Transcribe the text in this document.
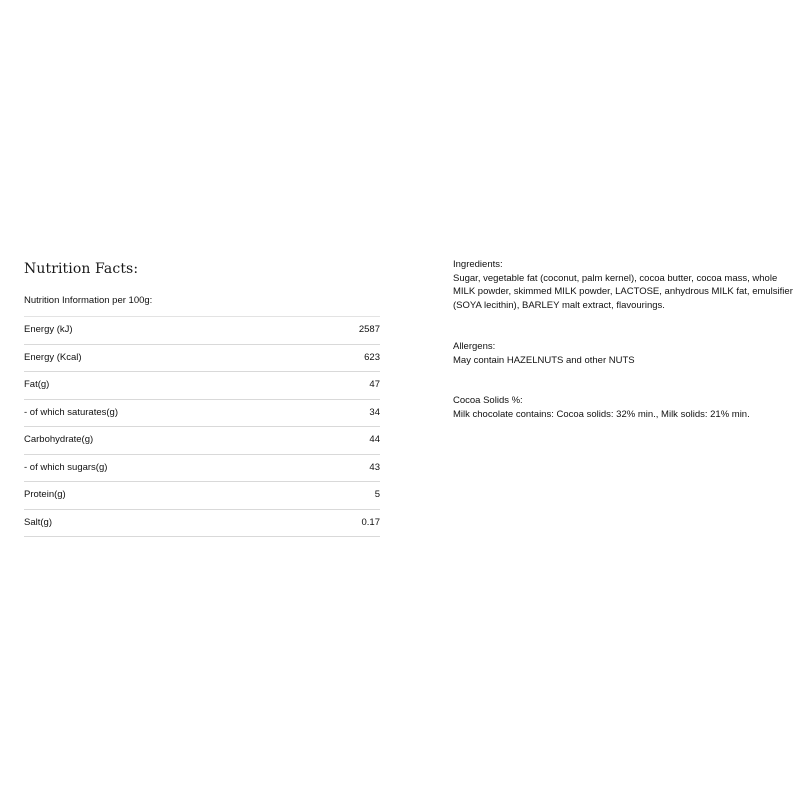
Nutrition Facts:
Nutrition Information per 100g:
Energy (kJ)	2587
Energy (Kcal)	623
Fat(g)	47
- of which saturates(g)	34
Carbohydrate(g)	44
- of which sugars(g)	43
Protein(g)	5
Salt(g)	0.17
Ingredients:
Sugar, vegetable fat (coconut, palm kernel), cocoa butter, cocoa mass, whole MILK powder, skimmed MILK powder, LACTOSE, anhydrous MILK fat, emulsifier (SOYA lecithin), BARLEY malt extract, flavourings.
Allergens:
May contain HAZELNUTS and other NUTS
Cocoa Solids %:
Milk chocolate contains: Cocoa solids: 32% min., Milk solids: 21% min.
